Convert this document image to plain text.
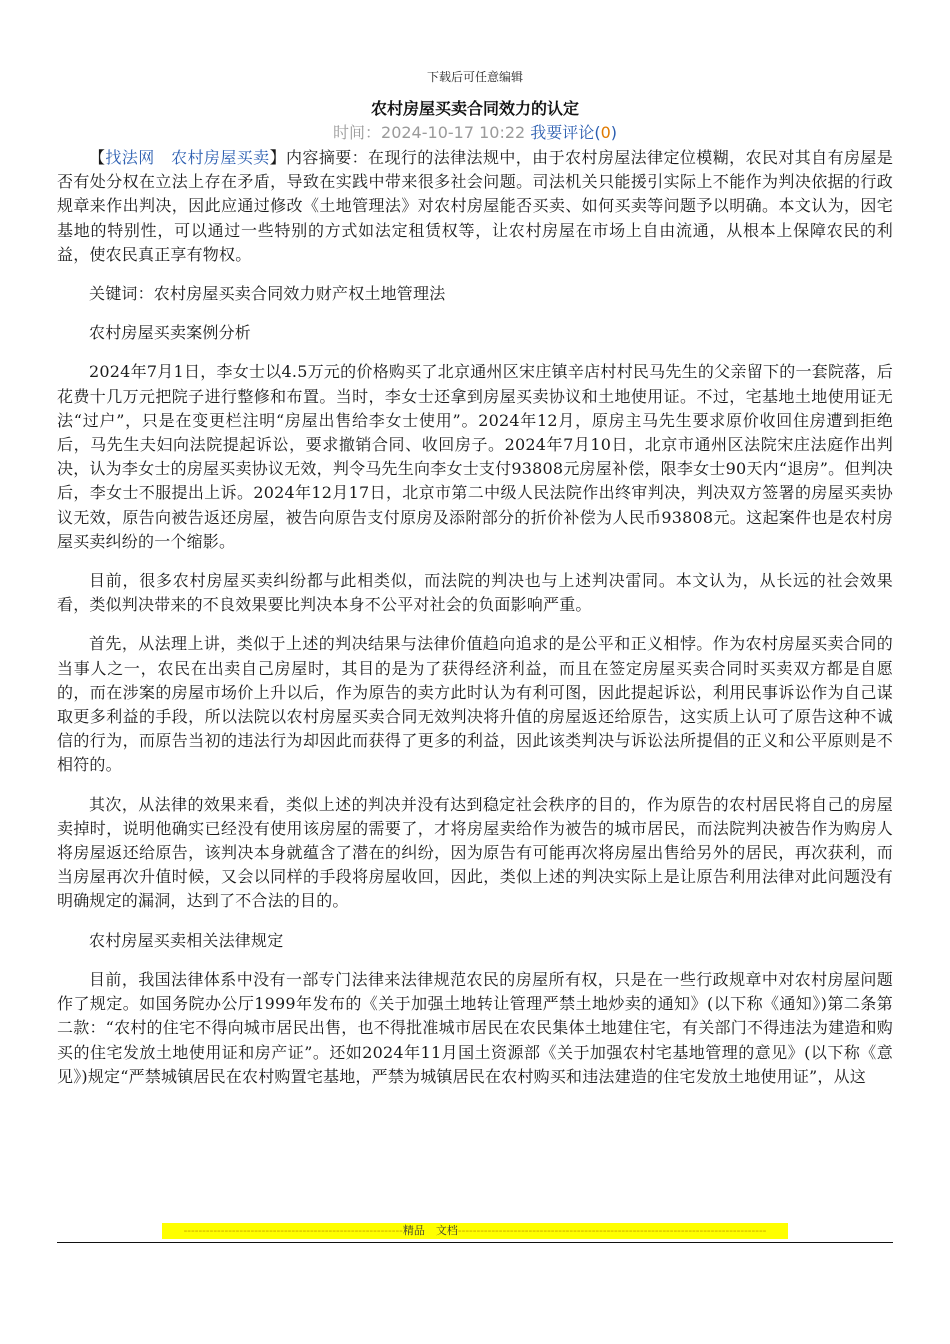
下载后可任意编辑
农村房屋买卖合同效力的认定
时间：2024-10-17 10:22 我要评论(0)

【找法网　 农村房屋买卖】内容摘要：在现行的法律法规中，由于农村房屋法律定位模糊，农民对其自有房屋是否有处分权在立法上存在矛盾，导致在实践中带来很多社会问题。司法机关只能援引实际上不能作为判决依据的行政规章来作出判决，因此应通过修改《土地管理法》对农村房屋能否买卖、如何买卖等问题予以明确。本文认为，因宅基地的特别性，可以通过一些特别的方式如法定租赁权等，让农村房屋在市场上自由流通，从根本上保障农民的利益，使农民真正享有物权。

关键词：农村房屋买卖合同效力财产权土地管理法

农村房屋买卖案例分析

2024年7月1日，李女士以4.5万元的价格购买了北京通州区宋庄镇辛店村村民马先生的父亲留下的一套院落，后花费十几万元把院子进行整修和布置。当时，李女士还拿到房屋买卖协议和土地使用证。不过，宅基地土地使用证无法“过户”，只是在变更栏注明“房屋出售给李女士使用”。2024年12月，原房主马先生要求原价收回住房遭到拒绝后，马先生夫妇向法院提起诉讼，要求撤销合同、收回房子。2024年7月10日，北京市通州区法院宋庄法庭作出判决，认为李女士的房屋买卖协议无效，判令马先生向李女士支付93808元房屋补偿，限李女士90天内“退房”。但判决后，李女士不服提出上诉。2024年12月17日，北京市第二中级人民法院作出终审判决，判决双方签署的房屋买卖协议无效，原告向被告返还房屋，被告向原告支付原房及添附部分的折价补偿为人民币93808元。这起案件也是农村房屋买卖纠纷的一个缩影。

目前，很多农村房屋买卖纠纷都与此相类似，而法院的判决也与上述判决雷同。本文认为，从长远的社会效果看，类似判决带来的不良效果要比判决本身不公平对社会的负面影响严重。

首先，从法理上讲，类似于上述的判决结果与法律价值趋向追求的是公平和正义相悖。作为农村房屋买卖合同的当事人之一，农民在出卖自己房屋时，其目的是为了获得经济利益，而且在签定房屋买卖合同时买卖双方都是自愿的，而在涉案的房屋市场价上升以后，作为原告的卖方此时认为有利可图，因此提起诉讼，利用民事诉讼作为自己谋取更多利益的手段，所以法院以农村房屋买卖合同无效判决将升值的房屋返还给原告，这实质上认可了原告这种不诚信的行为，而原告当初的违法行为却因此而获得了更多的利益，因此该类判决与诉讼法所提倡的正义和公平原则是不相符的。

其次，从法律的效果来看，类似上述的判决并没有达到稳定社会秩序的目的，作为原告的农村居民将自己的房屋卖掉时，说明他确实已经没有使用该房屋的需要了，才将房屋卖给作为被告的城市居民，而法院判决被告作为购房人将房屋返还给原告，该判决本身就蕴含了潜在的纠纷，因为原告有可能再次将房屋出售给另外的居民，再次获利，而当房屋再次升值时候，又会以同样的手段将房屋收回，因此，类似上述的判决实际上是让原告利用法律对此问题没有明确规定的漏洞，达到了不合法的目的。

农村房屋买卖相关法律规定

目前，我国法律体系中没有一部专门法律来法律规范农民的房屋所有权，只是在一些行政规章中对农村房屋问题作了规定。如国务院办公厅1999年发布的《关于加强土地转让管理严禁土地炒卖的通知》(以下称《通知》)第二条第二款：“农村的住宅不得向城市居民出售，也不得批准城市居民在农民集体土地建住宅，有关部门不得违法为建造和购买的住宅发放土地使用证和房产证”。还如2024年11月国土资源部《关于加强农村宅基地管理的意见》(以下称《意见》)规定“严禁城镇居民在农村购置宅基地，严禁为城镇居民在农村购买和违法建造的住宅发放土地使用证”，从这

-----------------------------------------------------------精品　文档-----------------------------------------------------------------------------------
